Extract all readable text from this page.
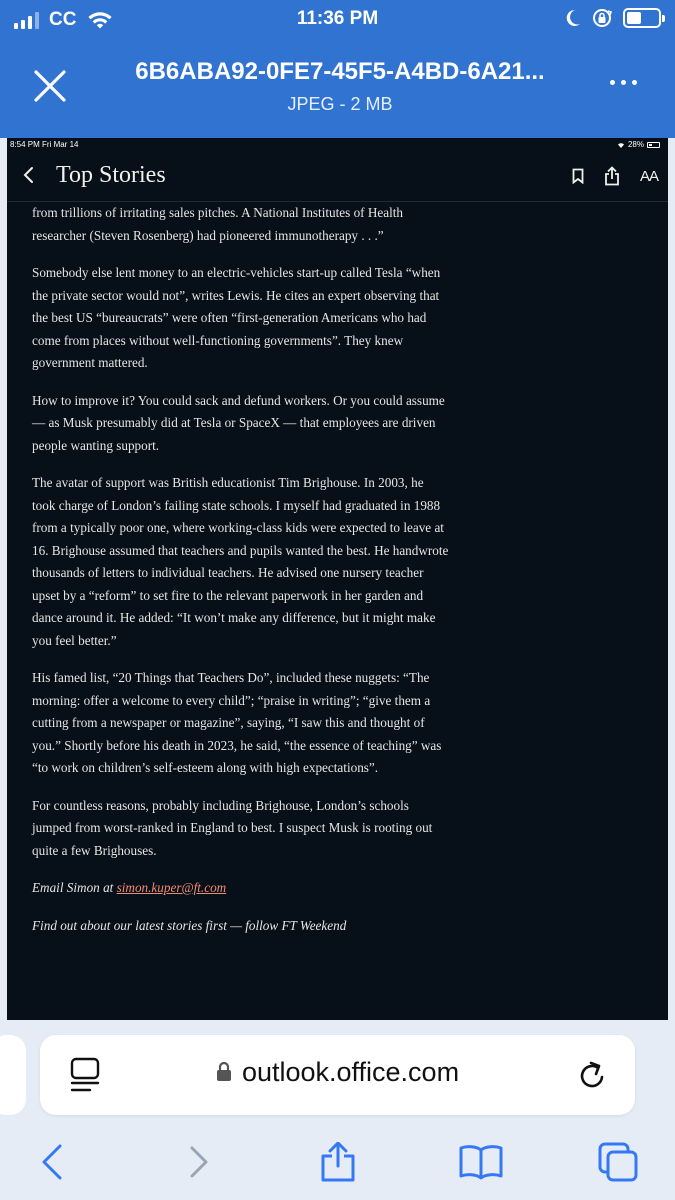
CC	11:36 PM
6B6ABA92-0FE7-45F5-A4BD-6A21...
JPEG - 2 MB
8:54 PM Fri Mar 14	28%
Top Stories	AA

from trillions of irritating sales pitches. A National Institutes of Health researcher (Steven Rosenberg) had pioneered immunotherapy . . .”

Somebody else lent money to an electric-vehicles start-up called Tesla “when the private sector would not”, writes Lewis. He cites an expert observing that the best US “bureaucrats” were often “first-generation Americans who had come from places without well-functioning governments”. They knew government mattered.

How to improve it? You could sack and defund workers. Or you could assume — as Musk presumably did at Tesla or SpaceX — that employees are driven people wanting support.

The avatar of support was British educationist Tim Brighouse. In 2003, he took charge of London’s failing state schools. I myself had graduated in 1988 from a typically poor one, where working-class kids were expected to leave at 16. Brighouse assumed that teachers and pupils wanted the best. He handwrote thousands of letters to individual teachers. He advised one nursery teacher upset by a “reform” to set fire to the relevant paperwork in her garden and dance around it. He added: “It won’t make any difference, but it might make you feel better.”

His famed list, “20 Things that Teachers Do”, included these nuggets: “The morning: offer a welcome to every child”; “praise in writing”; “give them a cutting from a newspaper or magazine”, saying, “I saw this and thought of you.” Shortly before his death in 2023, he said, “the essence of teaching” was “to work on children’s self-esteem along with high expectations”.

For countless reasons, probably including Brighouse, London’s schools jumped from worst-ranked in England to best. I suspect Musk is rooting out quite a few Brighouses.

Email Simon at simon.kuper@ft.com

Find out about our latest stories first — follow FT Weekend

outlook.office.com
